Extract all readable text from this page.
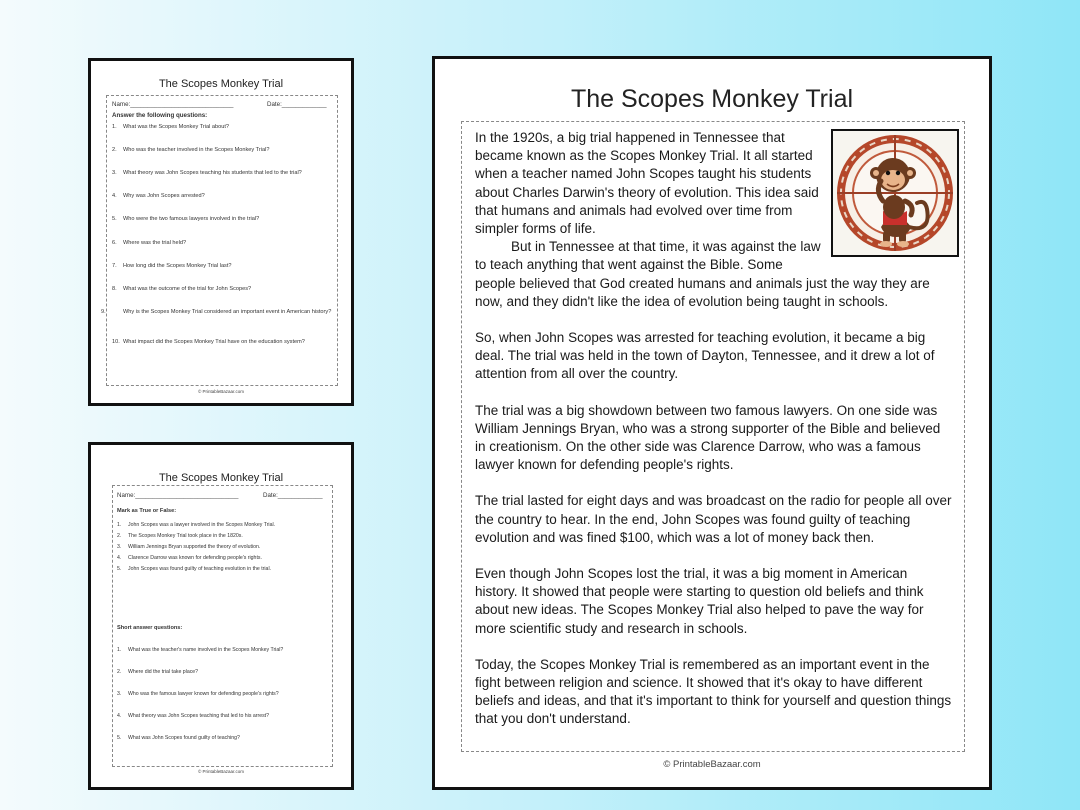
The Scopes Monkey Trial
Name:______________________________	Date:_____________
Answer the following questions:
1. What was the Scopes Monkey Trial about?
2. Who was the teacher involved in the Scopes Monkey Trial?
3. What theory was John Scopes teaching his students that led to the trial?
4. Why was John Scopes arrested?
5. Who were the two famous lawyers involved in the trial?
6. Where was the trial held?
7. How long did the Scopes Monkey Trial last?
8. What was the outcome of the trial for John Scopes?
9.	Why is the Scopes Monkey Trial considered an important event in American history?
10. What impact did the Scopes Monkey Trial have on the education system?
© PrintableBazaar.com
The Scopes Monkey Trial
Name:______________________________	Date:_____________
Mark as True or False:
1. John Scopes was a lawyer involved in the Scopes Monkey Trial.
2. The Scopes Monkey Trial took place in the 1820s.
3. William Jennings Bryan supported the theory of evolution.
4. Clarence Darrow was known for defending people's rights.
5. John Scopes was found guilty of teaching evolution in the trial.
Short answer questions:
1. What was the teacher's name involved in the Scopes Monkey Trial?
2. Where did the trial take place?
3. Who was the famous lawyer known for defending people's rights?
4. What theory was John Scopes teaching that led to his arrest?
5. What was John Scopes found guilty of teaching?
© PrintableBazaar.com
The Scopes Monkey Trial

In the 1920s, a big trial happened in Tennessee that became known as the Scopes Monkey Trial. It all started when a teacher named John Scopes taught his students about Charles Darwin's theory of evolution. This idea said that humans and animals had evolved over time from simpler forms of life.

But in Tennessee at that time, it was against the law to teach anything that went against the Bible. Some people believed that God created humans and animals just the way they are now, and they didn't like the idea of evolution being taught in schools.

So, when John Scopes was arrested for teaching evolution, it became a big deal. The trial was held in the town of Dayton, Tennessee, and it drew a lot of attention from all over the country.

The trial was a big showdown between two famous lawyers. On one side was William Jennings Bryan, who was a strong supporter of the Bible and believed in creationism. On the other side was Clarence Darrow, who was a famous lawyer known for defending people's rights.

The trial lasted for eight days and was broadcast on the radio for people all over the country to hear. In the end, John Scopes was found guilty of teaching evolution and was fined $100, which was a lot of money back then.

Even though John Scopes lost the trial, it was a big moment in American history. It showed that people were starting to question old beliefs and think about new ideas. The Scopes Monkey Trial also helped to pave the way for more scientific study and research in schools.

Today, the Scopes Monkey Trial is remembered as an important event in the fight between religion and science. It showed that it's okay to have different beliefs and ideas, and that it's important to think for yourself and question things that you don't understand.

© PrintableBazaar.com
